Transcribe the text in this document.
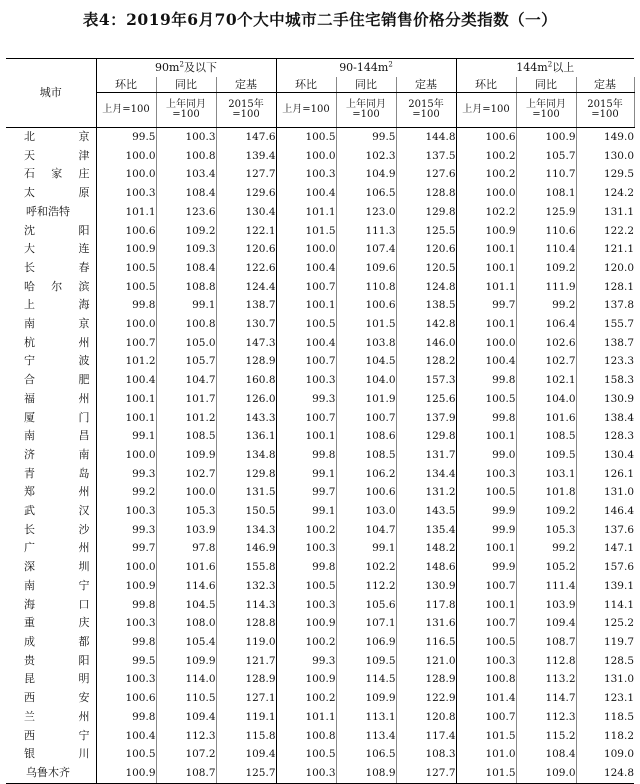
表4：2019年6月70个大中城市二手住宅销售价格分类指数（一）
城市	$90m^2$及以下			$90-144m^2$			$144m^2$以上		
	环比	同比	定基	环比	同比	定基	环比	同比	定基
	上月=100	上年同月=100	2015年=100	上月=100	上年同月=100	2015年=100	上月=100	上年同月=100	2015年=100
北　京	99.5	100.3	147.6	100.5	99.5	144.8	100.6	100.9	149.0
天　津	100.0	100.8	139.4	100.0	102.3	137.5	100.2	105.7	130.0
石家庄	100.0	103.4	127.7	100.3	104.9	127.6	100.2	110.7	129.5
太　原	100.3	108.4	129.6	100.4	106.5	128.8	100.0	108.1	124.2
呼和浩特	101.1	123.6	130.4	101.1	123.0	129.8	102.2	125.9	131.1
沈　阳	100.6	109.2	122.1	101.5	111.3	125.5	100.9	110.6	122.2
大　连	100.9	109.3	120.6	100.0	107.4	120.6	100.1	110.4	121.1
长　春	100.5	108.4	122.6	100.4	109.6	120.5	100.1	109.2	120.0
哈尔滨	100.5	108.8	124.4	100.7	110.8	124.8	101.1	111.9	128.1
上　海	99.8	99.1	138.7	100.1	100.6	138.5	99.7	99.2	137.8
南　京	100.0	100.8	130.7	100.5	101.5	142.8	100.1	106.4	155.7
杭　州	100.7	105.0	147.3	100.4	103.8	146.0	100.0	102.6	138.7
宁　波	101.2	105.7	128.9	100.7	104.5	128.2	100.4	102.7	123.3
合　肥	100.4	104.7	160.8	100.3	104.0	157.3	99.8	102.1	158.3
福　州	100.1	101.7	126.0	99.3	101.9	125.6	100.5	104.0	130.9
厦　门	100.1	101.2	143.3	100.7	100.7	137.9	99.8	101.6	138.4
南　昌	99.1	108.5	136.1	100.1	108.6	129.8	100.1	108.5	128.3
济　南	100.0	109.9	134.8	99.8	108.5	131.7	99.0	109.5	130.4
青　岛	99.3	102.7	129.8	99.1	106.2	134.4	100.3	103.1	126.1
郑　州	99.2	100.0	131.5	99.7	100.6	131.2	100.5	101.8	131.0
武　汉	100.3	105.3	150.5	99.1	103.0	143.5	99.9	109.2	146.4
长　沙	99.3	103.9	134.3	100.2	104.7	135.4	99.9	105.3	137.6
广　州	99.7	97.8	146.9	100.3	99.1	148.2	100.1	99.2	147.1
深　圳	100.0	101.6	155.8	99.8	102.2	148.6	99.9	105.2	157.6
南　宁	100.9	114.6	132.3	100.5	112.2	130.9	100.7	111.4	139.1
海　口	99.8	104.5	114.3	100.3	105.6	117.8	100.1	103.9	114.1
重　庆	100.3	108.0	128.8	100.9	107.1	131.6	100.7	109.4	125.2
成　都	99.8	105.4	119.0	100.2	106.9	116.5	100.5	108.7	119.7
贵　阳	99.5	109.9	121.7	99.3	109.5	121.0	100.3	112.8	128.5
昆　明	100.3	114.0	128.9	100.9	114.5	128.9	100.8	113.2	131.0
西　安	100.6	110.5	127.1	100.2	109.9	122.9	101.4	114.7	123.1
兰　州	99.8	109.4	119.1	101.1	113.1	120.8	100.7	112.3	118.5
西　宁	100.4	112.3	115.8	100.8	113.4	117.4	101.5	115.2	118.2
银　川	100.5	107.2	109.4	100.5	106.5	108.3	101.0	108.4	109.0
乌鲁木齐	100.9	108.7	125.7	100.3	108.9	127.7	101.5	109.0	124.8
